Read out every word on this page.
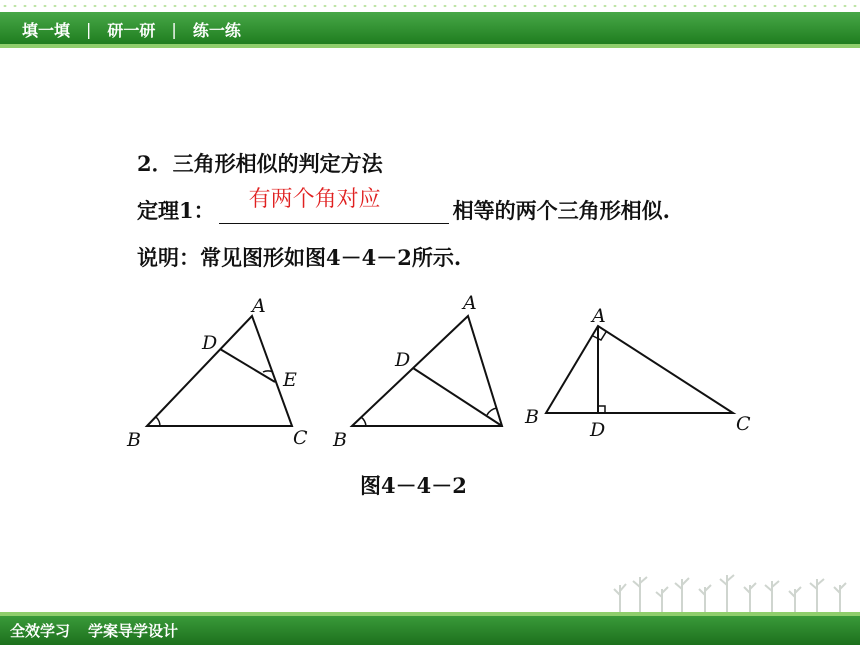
填一填 | 研一研 | 练一练
2．三角形相似的判定方法
定理1： 有两个角对应	相等的两个三角形相似.
说明：常见图形如图4－4－2所示.
A
D
E
B	C
A
D
B
A
B	C
D
图4－4－2
全效学习 学案导学设计
